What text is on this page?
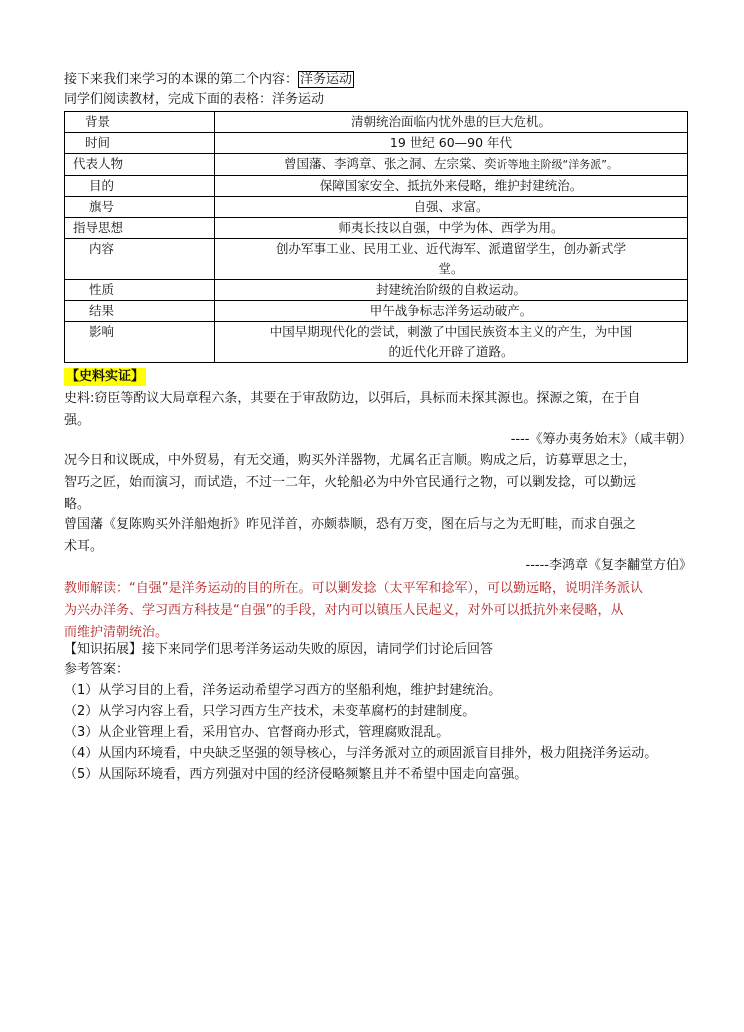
接下来我们来学习的本课的第二个内容： 洋务运动
同学们阅读教材，完成下面的表格：洋务运动
背景	清朝统治面临内忧外患的巨大危机。
时间	19 世纪 60—90 年代
代表人物	曾国藩、李鸿章、张之洞、左宗棠、奕䜣等地主阶级“洋务派”。
目的	保障国家安全、抵抗外来侵略，维护封建统治。
旗号	自强、求富。
指导思想	师夷长技以自强，中学为体、西学为用。
内容	创办军事工业、民用工业、近代海军、派遣留学生，创办新式学
堂。

性质	封建统治阶级的自救运动。
结果	甲午战争标志洋务运动破产。
影响	中国早期现代化的尝试，刺激了中国民族资本主义的产生，为中国
的近代化开辟了道路。
【史料实证】
史料:窃臣等酌议大局章程六条，其要在于审敌防边，以弭后，具标而未探其源也。探源之策，在于自
强。
----《筹办夷务始末》（咸丰朝）
况今日和议既成，中外贸易，有无交通，购买外洋器物，尤属名正言顺。购成之后，访募覃思之士，
智巧之匠，始而演习，而试造，不过一二年，火轮船必为中外官民通行之物，可以剿发捻，可以勤远
略。
曾国藩《复陈购买外洋船炮折》昨见洋首，亦颇恭顺，恐有万变，图在后与之为无町畦，而求自强之
术耳。
-----李鸿章《复李黼堂方伯》
教师解读：“自强”是洋务运动的目的所在。可以剿发捻（太平军和捻军），可以勤远略，说明洋务派认
为兴办洋务、学习西方科技是“自强”的手段，对内可以镇压人民起义，对外可以抵抗外来侵略，从
而维护清朝统治。
【知识拓展】接下来同学们思考洋务运动失败的原因，请同学们讨论后回答
参考答案：
（1）从学习目的上看，洋务运动希望学习西方的坚船利炮，维护封建统治。
（2）从学习内容上看，只学习西方生产技术，未变革腐朽的封建制度。
（3）从企业管理上看，采用官办、官督商办形式，管理腐败混乱。
（4）从国内环境看，中央缺乏坚强的领导核心，与洋务派对立的顽固派盲目排外，极力阻挠洋务运动。
（5）从国际环境看，西方列强对中国的经济侵略频繁且并不希望中国走向富强。
